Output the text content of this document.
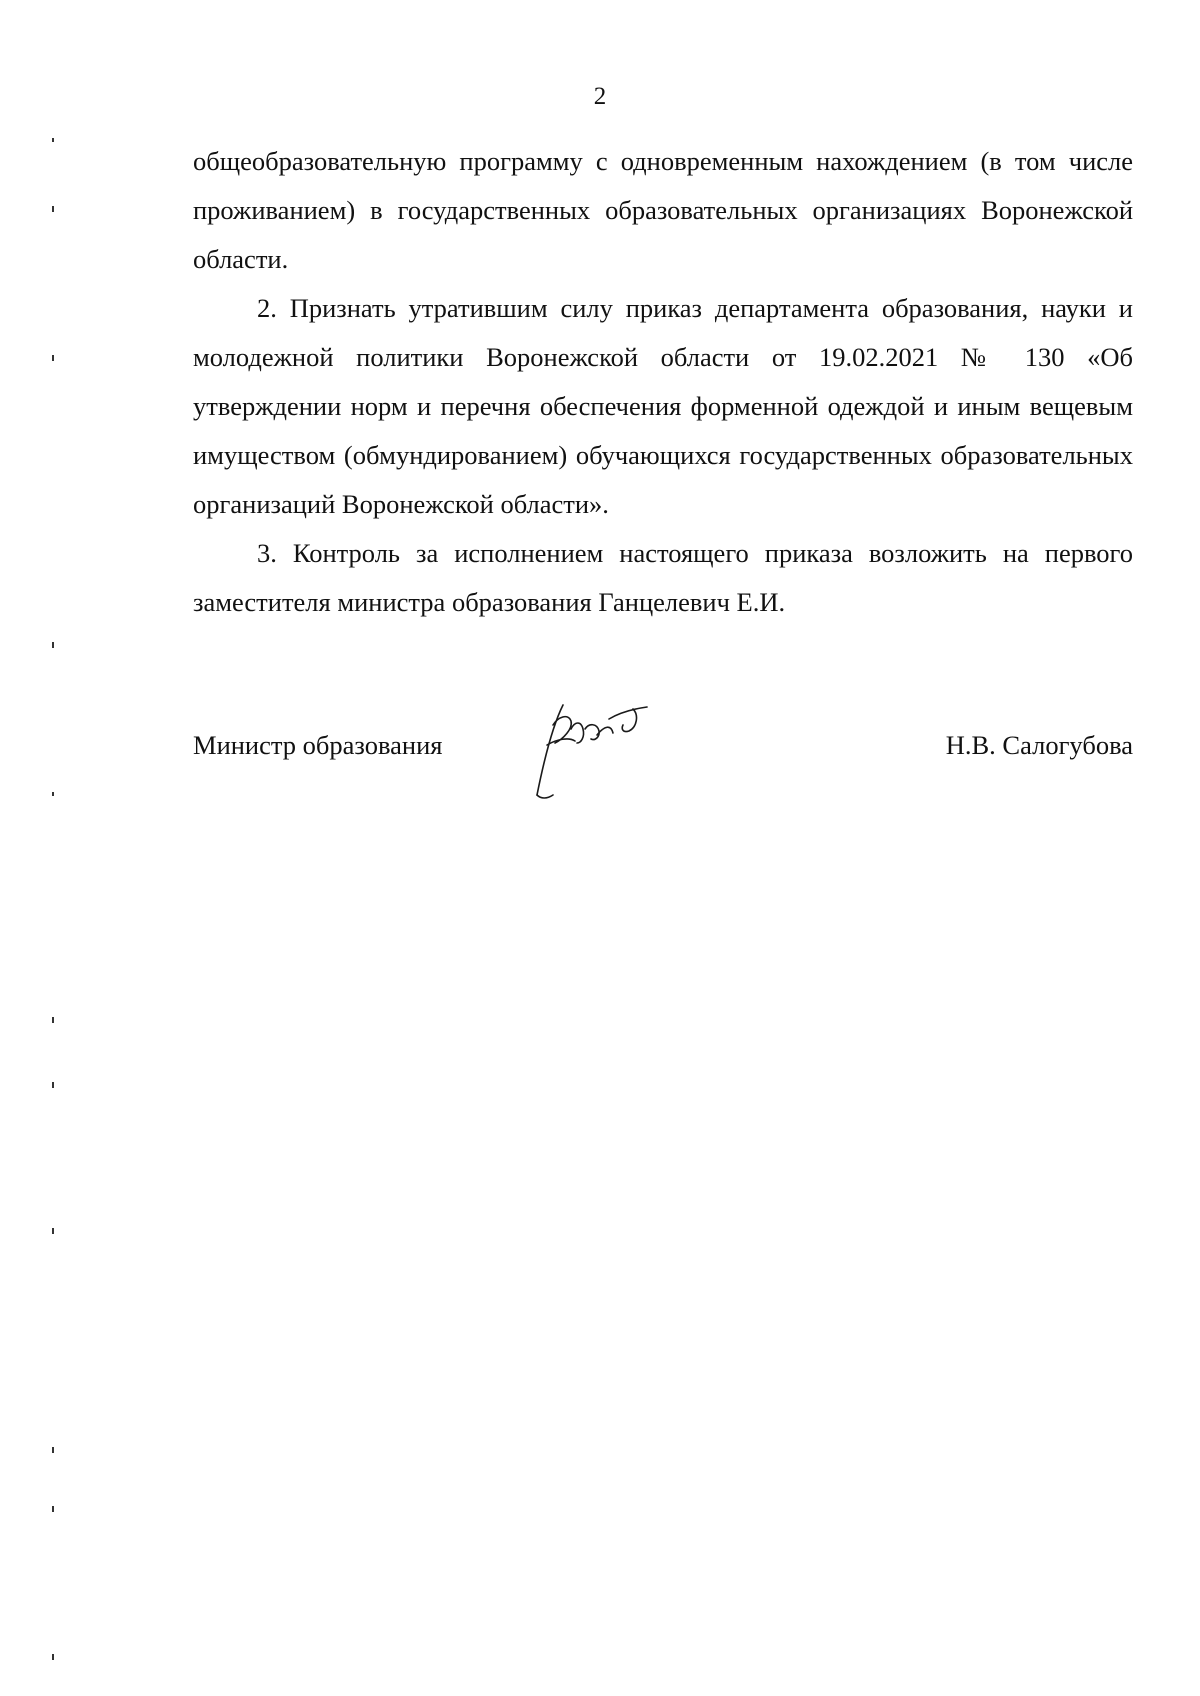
2

общеобразовательную программу с одновременным нахождением (в том числе проживанием) в государственных образовательных организациях Воронежской области.

2. Признать утратившим силу приказ департамента образования, науки и молодежной политики Воронежской области от 19.02.2021 № 130 «Об утверждении норм и перечня обеспечения форменной одеждой и иным вещевым имуществом (обмундированием) обучающихся государственных образовательных организаций Воронежской области».

3. Контроль за исполнением настоящего приказа возложить на первого заместителя министра образования Ганцелевич Е.И.

Министр образования	Н.В. Салогубова
